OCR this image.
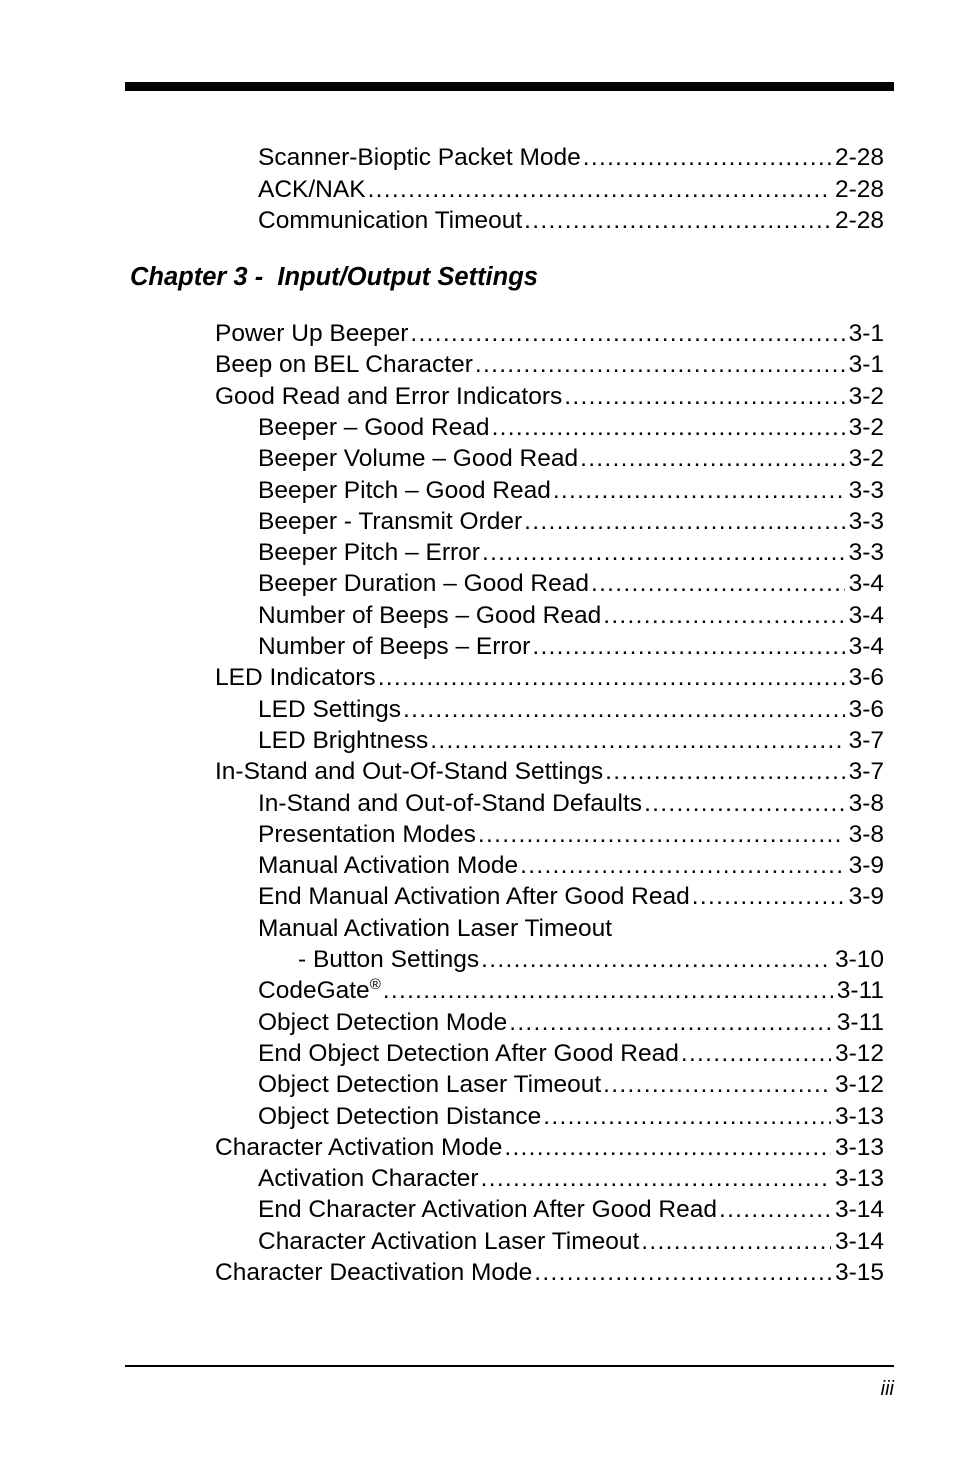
Scanner-Bioptic Packet Mode .....	2-28
ACK/NAK .....	2-28
Communication Timeout .....	2-28
Chapter 3 -  Input/Output Settings
Power Up Beeper .....	3-1
Beep on BEL Character .....	3-1
Good Read and Error Indicators .....	3-2
Beeper – Good Read .....	3-2
Beeper Volume – Good Read .....	3-2
Beeper Pitch – Good Read .....	3-3
Beeper - Transmit Order .....	3-3
Beeper Pitch – Error .....	3-3
Beeper Duration – Good Read .....	3-4
Number of Beeps – Good Read .....	3-4
Number of Beeps – Error .....	3-4
LED Indicators .....	3-6
LED Settings .....	3-6
LED Brightness .....	3-7
In-Stand and Out-Of-Stand Settings .....	3-7
In-Stand and Out-of-Stand Defaults .....	3-8
Presentation Modes .....	3-8
Manual Activation Mode .....	3-9
End Manual Activation After Good Read .....	3-9
Manual Activation Laser Timeout
- Button Settings .....	3-10
CodeGate® .....	3-11
Object Detection Mode .....	3-11
End Object Detection After Good Read .....	3-12
Object Detection Laser Timeout .....	3-12
Object Detection Distance .....	3-13
Character Activation Mode .....	3-13
Activation Character .....	3-13
End Character Activation After Good Read .....	3-14
Character Activation Laser Timeout .....	3-14
Character Deactivation Mode .....	3-15
iii
